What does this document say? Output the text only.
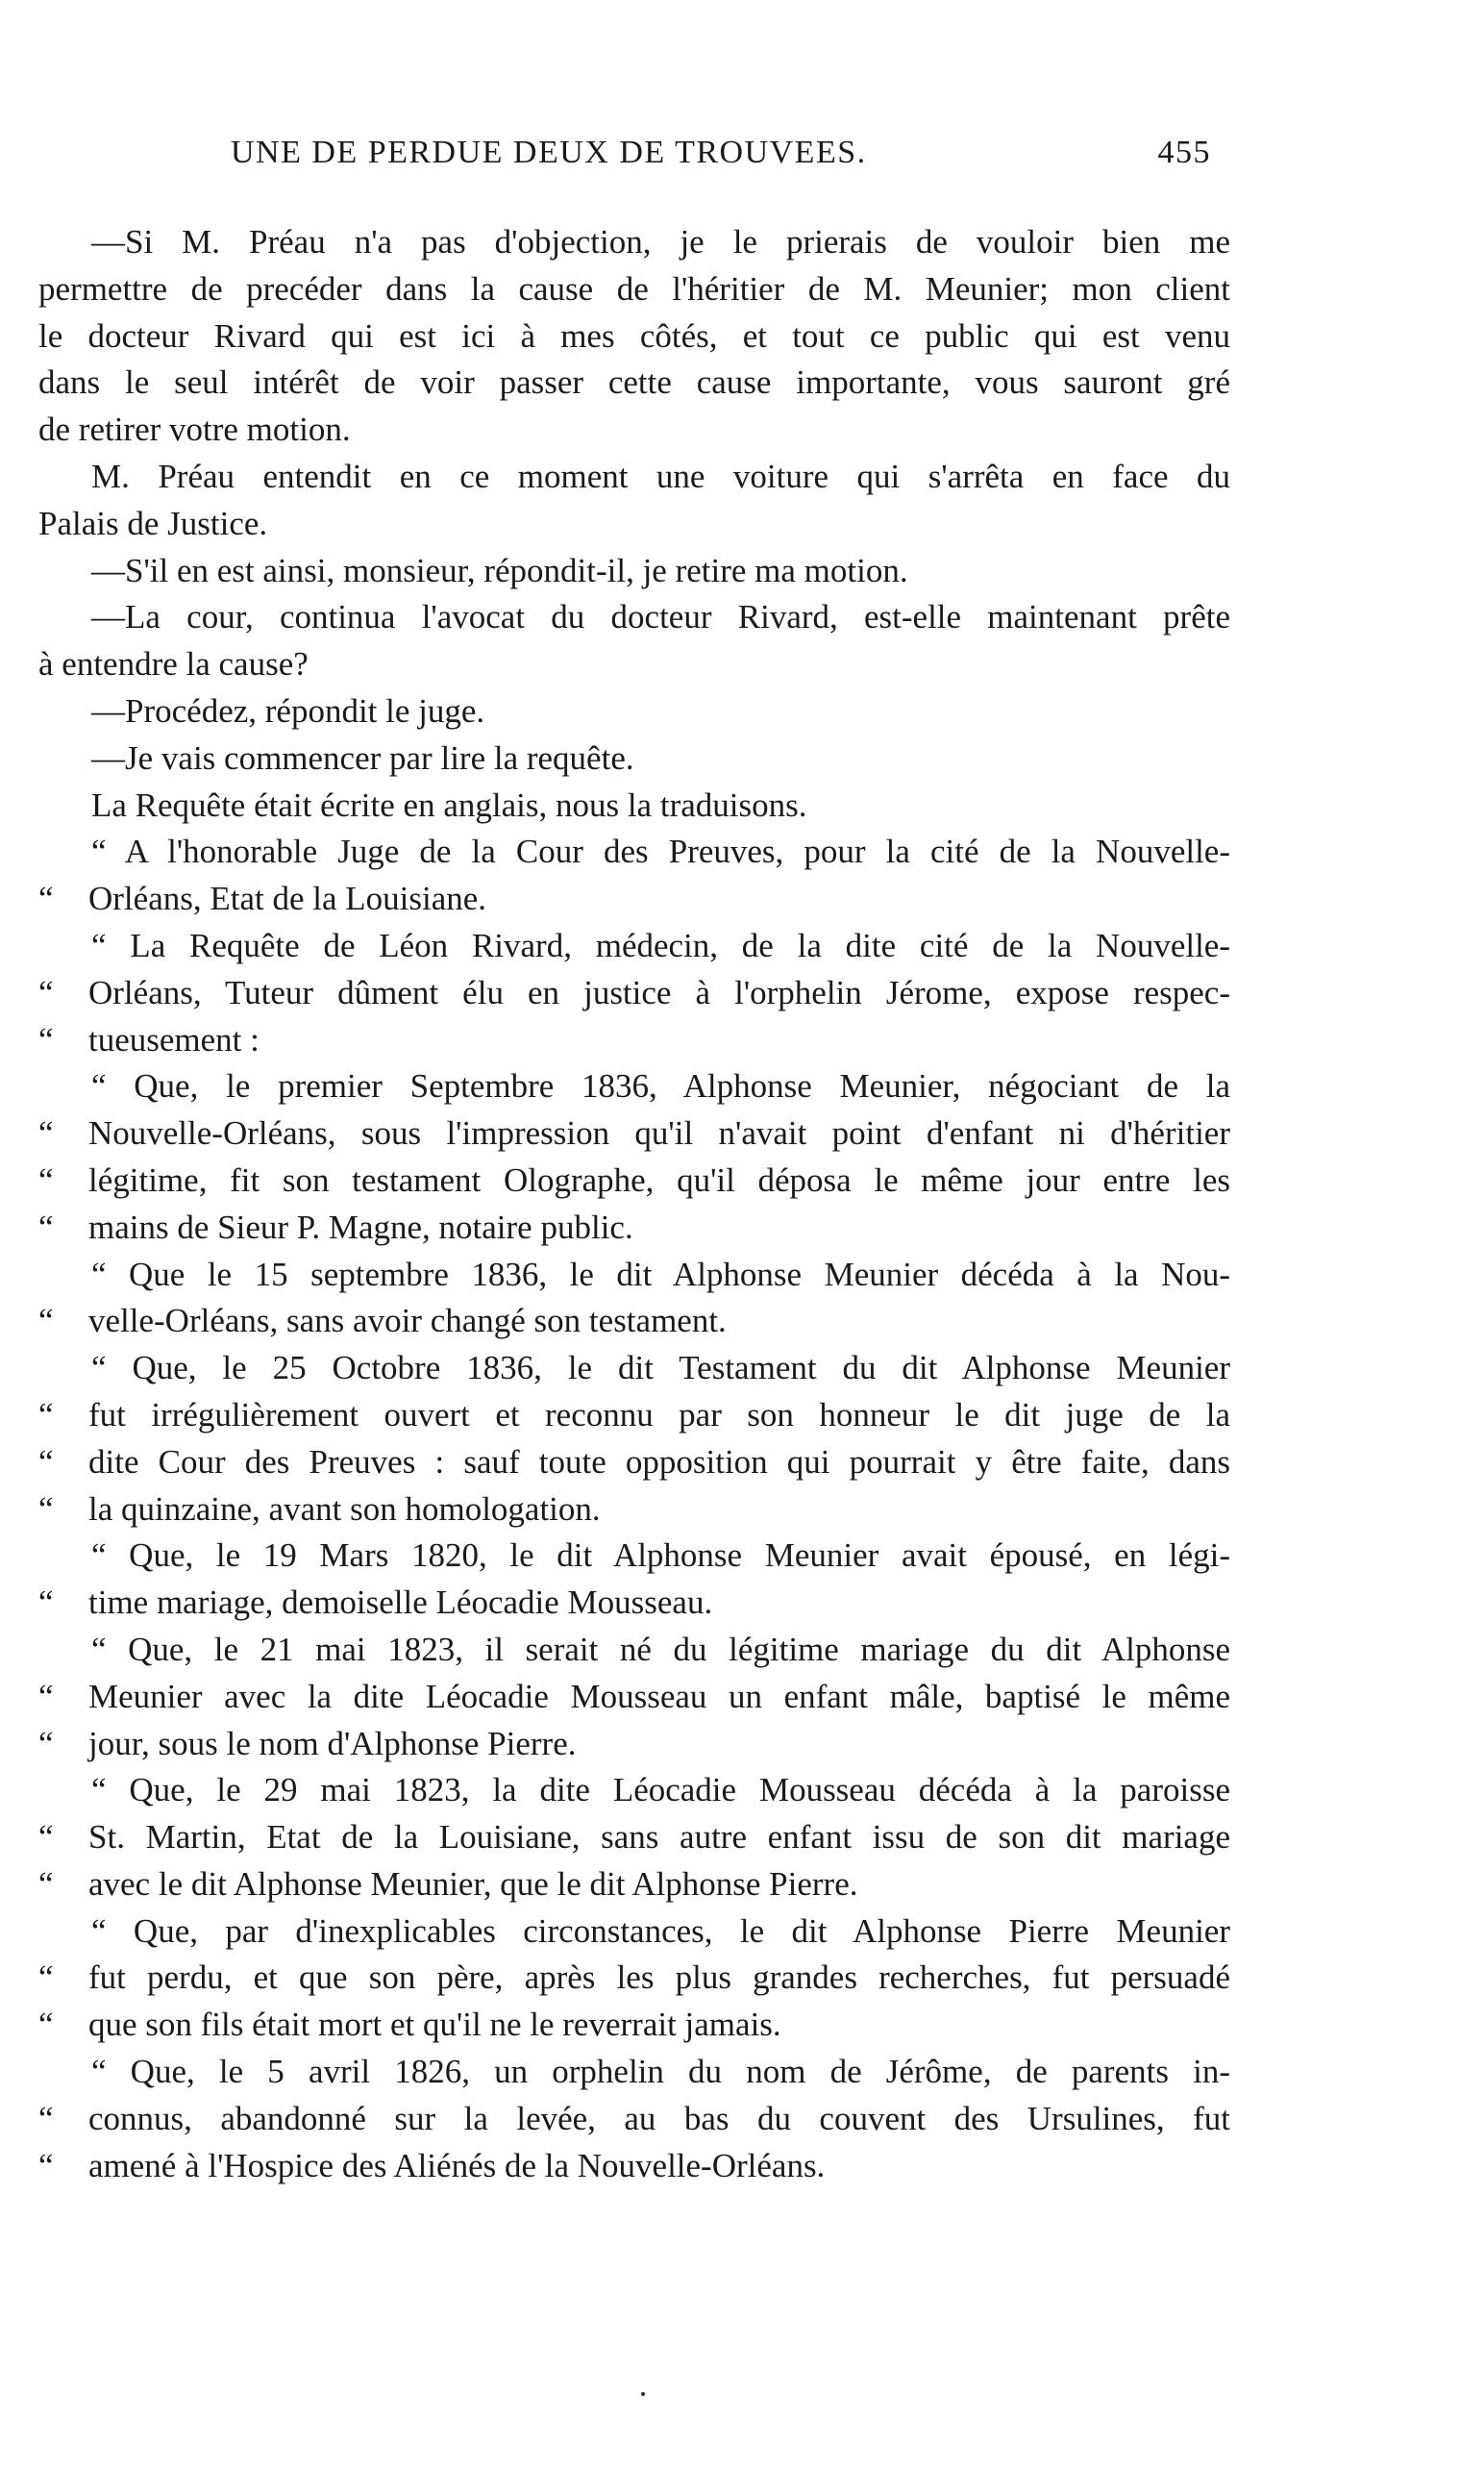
UNE DE PERDUE DEUX DE TROUVEES.	455
—Si M. Préau n'a pas d'objection, je le prierais de vouloir bien me
permettre de precéder dans la cause de l'héritier de M. Meunier; mon client
le docteur Rivard qui est ici à mes côtés, et tout ce public qui est venu
dans le seul intérêt de voir passer cette cause importante, vous sauront gré
de retirer votre motion.
M. Préau entendit en ce moment une voiture qui s'arrêta en face du
Palais de Justice.
—S'il en est ainsi, monsieur, répondit-il, je retire ma motion.
—La cour, continua l'avocat du docteur Rivard, est-elle maintenant prête
à entendre la cause?
—Procédez, répondit le juge.
—Je vais commencer par lire la requête.
La Requête était écrite en anglais, nous la traduisons.
“ A l'honorable Juge de la Cour des Preuves, pour la cité de la Nouvelle-
“ Orléans, Etat de la Louisiane.
“ La Requête de Léon Rivard, médecin, de la dite cité de la Nouvelle-
“ Orléans, Tuteur dûment élu en justice à l'orphelin Jérome, expose respec-
“ tueusement :
“ Que, le premier Septembre 1836, Alphonse Meunier, négociant de la
“ Nouvelle-Orléans, sous l'impression qu'il n'avait point d'enfant ni d'héritier
“ légitime, fit son testament Olographe, qu'il déposa le même jour entre les
“ mains de Sieur P. Magne, notaire public.
“ Que le 15 septembre 1836, le dit Alphonse Meunier décéda à la Nou-
“ velle-Orléans, sans avoir changé son testament.
“ Que, le 25 Octobre 1836, le dit Testament du dit Alphonse Meunier
“ fut irrégulièrement ouvert et reconnu par son honneur le dit juge de la
“ dite Cour des Preuves : sauf toute opposition qui pourrait y être faite, dans
“ la quinzaine, avant son homologation.
“ Que, le 19 Mars 1820, le dit Alphonse Meunier avait épousé, en légi-
“ time mariage, demoiselle Léocadie Mousseau.
“ Que, le 21 mai 1823, il serait né du légitime mariage du dit Alphonse
“ Meunier avec la dite Léocadie Mousseau un enfant mâle, baptisé le même
“ jour, sous le nom d'Alphonse Pierre.
“ Que, le 29 mai 1823, la dite Léocadie Mousseau décéda à la paroisse
“ St. Martin, Etat de la Louisiane, sans autre enfant issu de son dit mariage
“ avec le dit Alphonse Meunier, que le dit Alphonse Pierre.
“ Que, par d'inexplicables circonstances, le dit Alphonse Pierre Meunier
“ fut perdu, et que son père, après les plus grandes recherches, fut persuadé
“ que son fils était mort et qu'il ne le reverrait jamais.
“ Que, le 5 avril 1826, un orphelin du nom de Jérôme, de parents in-
“ connus, abandonné sur la levée, au bas du couvent des Ursulines, fut
“ amené à l'Hospice des Aliénés de la Nouvelle-Orléans.
